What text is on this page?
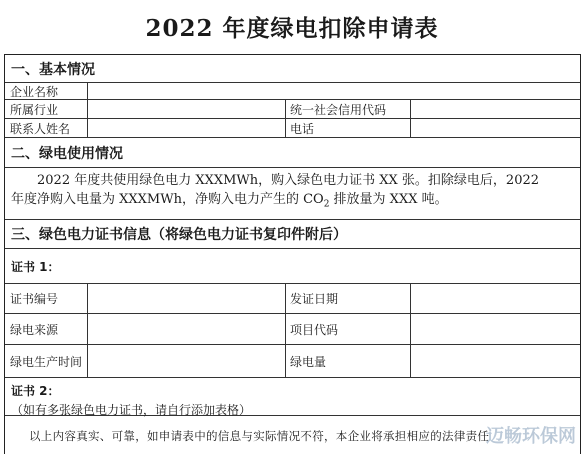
2022 年度绿电扣除申请表
一、基本情况
企业名称
所属行业	统一社会信用代码
联系人姓名	电话
二、绿电使用情况
2022 年度共使用绿色电力 XXXMWh，购入绿色电力证书 XX 张。扣除绿电后，2022
年度净购入电量为 XXXMWh，净购入电力产生的 $CO_2$ 排放量为 XXX 吨。
三、绿色电力证书信息（将绿色电力证书复印件附后）
证书 1：
证书编号	发证日期
绿电来源	项目代码
绿电生产时间	绿电量
证书 2：
（如有多张绿色电力证书，请自行添加表格）
以上内容真实、可靠，如申请表中的信息与实际情况不符，本企业将承担相应的法律责任
迈畅环保网
